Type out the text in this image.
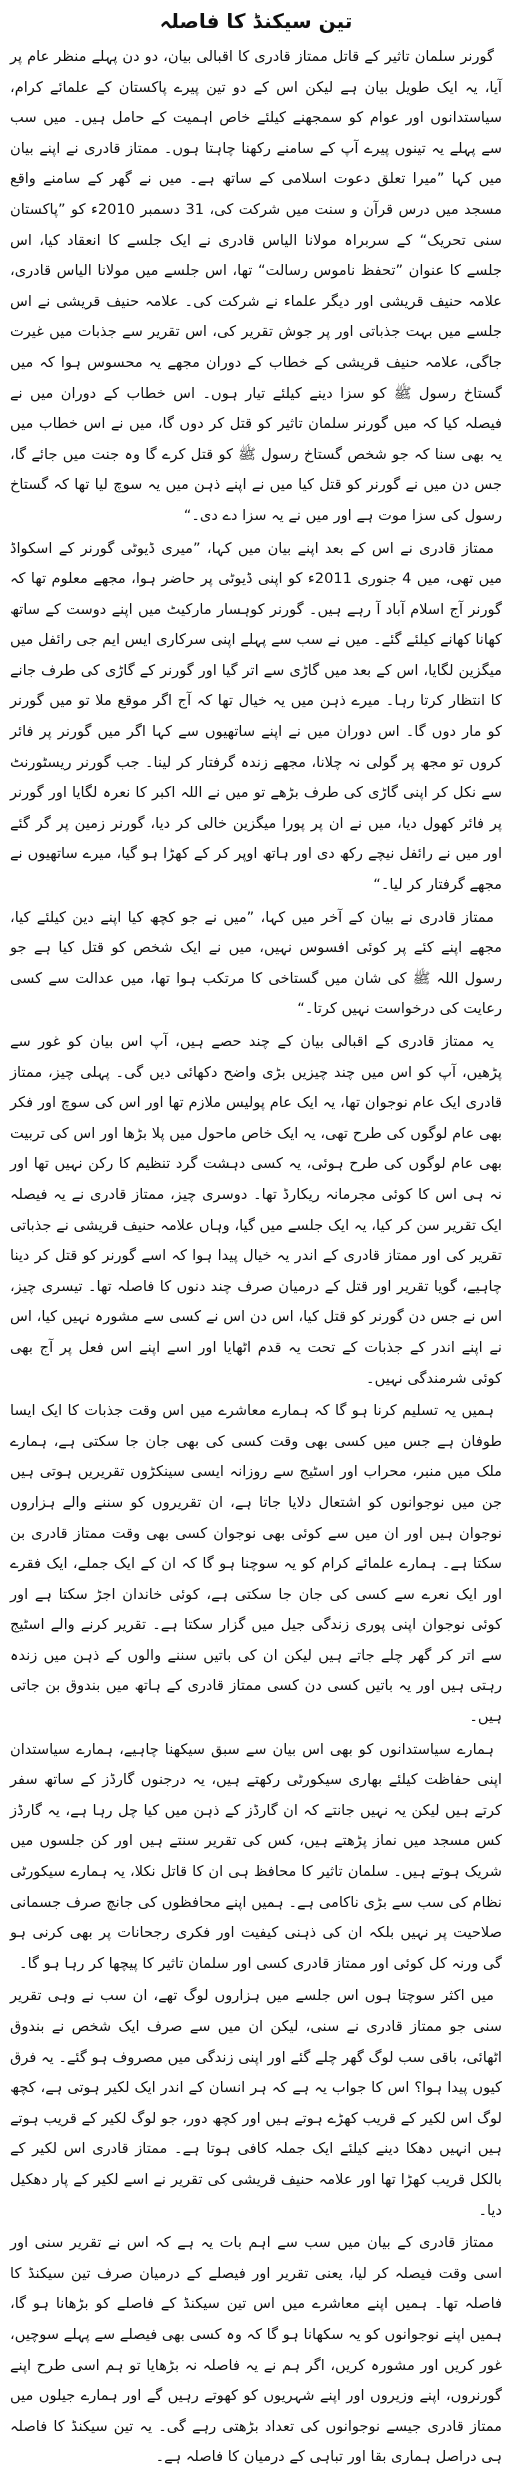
تین سیکنڈ کا فاصلہ

گورنر سلمان تاثیر کے قاتل ممتاز قادری کا اقبالی بیان، دو دن پہلے منظر عام پر آیا، یہ ایک طویل بیان ہے لیکن اس کے دو تین پیرے پاکستان کے علمائے کرام، سیاستدانوں اور عوام کو سمجھنے کیلئے خاص اہمیت کے حامل ہیں۔ میں سب سے پہلے یہ تینوں پیرے آپ کے سامنے رکھنا چاہتا ہوں۔ ممتاز قادری نے اپنے بیان میں کہا ”میرا تعلق دعوت اسلامی کے ساتھ ہے۔ میں نے گھر کے سامنے واقع مسجد میں درس قرآن و سنت میں شرکت کی، 31 دسمبر 2010ء کو ”پاکستان سنی تحریک“ کے سربراہ مولانا الیاس قادری نے ایک جلسے کا انعقاد کیا، اس جلسے کا عنوان ”تحفظ ناموس رسالت“ تھا، اس جلسے میں مولانا الیاس قادری، علامہ حنیف قریشی اور دیگر علماء نے شرکت کی۔ علامہ حنیف قریشی نے اس جلسے میں بہت جذباتی اور پر جوش تقریر کی، اس تقریر سے جذبات میں غیرت جاگی، علامہ حنیف قریشی کے خطاب کے دوران مجھے یہ محسوس ہوا کہ میں گستاخ رسول ﷺ کو سزا دینے کیلئے تیار ہوں۔ اس خطاب کے دوران میں نے فیصلہ کیا کہ میں گورنر سلمان تاثیر کو قتل کر دوں گا، میں نے اس خطاب میں یہ بھی سنا کہ جو شخص گستاخ رسول ﷺ کو قتل کرے گا وہ جنت میں جائے گا، جس دن میں نے گورنر کو قتل کیا میں نے اپنے ذہن میں یہ سوچ لیا تھا کہ گستاخ رسول کی سزا موت ہے اور میں نے یہ سزا دے دی۔“

ممتاز قادری نے اس کے بعد اپنے بیان میں کہا، ”میری ڈیوٹی گورنر کے اسکواڈ میں تھی، میں 4 جنوری 2011ء کو اپنی ڈیوٹی پر حاضر ہوا، مجھے معلوم تھا کہ گورنر آج اسلام آباد آ رہے ہیں۔ گورنر کوہسار مارکیٹ میں اپنے دوست کے ساتھ کھانا کھانے کیلئے گئے۔ میں نے سب سے پہلے اپنی سرکاری ایس ایم جی رائفل میں میگزین لگایا، اس کے بعد میں گاڑی سے اتر گیا اور گورنر کے گاڑی کی طرف جانے کا انتظار کرتا رہا۔ میرے ذہن میں یہ خیال تھا کہ آج اگر موقع ملا تو میں گورنر کو مار دوں گا۔ اس دوران میں نے اپنے ساتھیوں سے کہا اگر میں گورنر پر فائر کروں تو مجھ پر گولی نہ چلانا، مجھے زندہ گرفتار کر لینا۔ جب گورنر ریسٹورنٹ سے نکل کر اپنی گاڑی کی طرف بڑھے تو میں نے اللہ اکبر کا نعرہ لگایا اور گورنر پر فائر کھول دیا، میں نے ان پر پورا میگزین خالی کر دیا، گورنر زمین پر گر گئے اور میں نے رائفل نیچے رکھ دی اور ہاتھ اوپر کر کے کھڑا ہو گیا، میرے ساتھیوں نے مجھے گرفتار کر لیا۔“

ممتاز قادری نے بیان کے آخر میں کہا، ”میں نے جو کچھ کیا اپنے دین کیلئے کیا، مجھے اپنے کئے پر کوئی افسوس نہیں، میں نے ایک شخص کو قتل کیا ہے جو رسول اللہ ﷺ کی شان میں گستاخی کا مرتکب ہوا تھا، میں عدالت سے کسی رعایت کی درخواست نہیں کرتا۔“

یہ ممتاز قادری کے اقبالی بیان کے چند حصے ہیں، آپ اس بیان کو غور سے پڑھیں، آپ کو اس میں چند چیزیں بڑی واضح دکھائی دیں گی۔ پہلی چیز، ممتاز قادری ایک عام نوجوان تھا، یہ ایک عام پولیس ملازم تھا اور اس کی سوچ اور فکر بھی عام لوگوں کی طرح تھی، یہ ایک خاص ماحول میں پلا بڑھا اور اس کی تربیت بھی عام لوگوں کی طرح ہوئی، یہ کسی دہشت گرد تنظیم کا رکن نہیں تھا اور نہ ہی اس کا کوئی مجرمانہ ریکارڈ تھا۔ دوسری چیز، ممتاز قادری نے یہ فیصلہ ایک تقریر سن کر کیا، یہ ایک جلسے میں گیا، وہاں علامہ حنیف قریشی نے جذباتی تقریر کی اور ممتاز قادری کے اندر یہ خیال پیدا ہوا کہ اسے گورنر کو قتل کر دینا چاہیے، گویا تقریر اور قتل کے درمیان صرف چند دنوں کا فاصلہ تھا۔ تیسری چیز، اس نے جس دن گورنر کو قتل کیا، اس دن اس نے کسی سے مشورہ نہیں کیا، اس نے اپنے اندر کے جذبات کے تحت یہ قدم اٹھایا اور اسے اپنے اس فعل پر آج بھی کوئی شرمندگی نہیں۔

ہمیں یہ تسلیم کرنا ہو گا کہ ہمارے معاشرے میں اس وقت جذبات کا ایک ایسا طوفان ہے جس میں کسی بھی وقت کسی کی بھی جان جا سکتی ہے، ہمارے ملک میں منبر، محراب اور اسٹیج سے روزانہ ایسی سینکڑوں تقریریں ہوتی ہیں جن میں نوجوانوں کو اشتعال دلایا جاتا ہے، ان تقریروں کو سننے والے ہزاروں نوجوان ہیں اور ان میں سے کوئی بھی نوجوان کسی بھی وقت ممتاز قادری بن سکتا ہے۔ ہمارے علمائے کرام کو یہ سوچنا ہو گا کہ ان کے ایک جملے، ایک فقرے اور ایک نعرے سے کسی کی جان جا سکتی ہے، کوئی خاندان اجڑ سکتا ہے اور کوئی نوجوان اپنی پوری زندگی جیل میں گزار سکتا ہے۔ تقریر کرنے والے اسٹیج سے اتر کر گھر چلے جاتے ہیں لیکن ان کی باتیں سننے والوں کے ذہن میں زندہ رہتی ہیں اور یہ باتیں کسی دن کسی ممتاز قادری کے ہاتھ میں بندوق بن جاتی ہیں۔

ہمارے سیاستدانوں کو بھی اس بیان سے سبق سیکھنا چاہیے، ہمارے سیاستدان اپنی حفاظت کیلئے بھاری سیکورٹی رکھتے ہیں، یہ درجنوں گارڈز کے ساتھ سفر کرتے ہیں لیکن یہ نہیں جانتے کہ ان گارڈز کے ذہن میں کیا چل رہا ہے، یہ گارڈز کس مسجد میں نماز پڑھتے ہیں، کس کی تقریر سنتے ہیں اور کن جلسوں میں شریک ہوتے ہیں۔ سلمان تاثیر کا محافظ ہی ان کا قاتل نکلا، یہ ہمارے سیکورٹی نظام کی سب سے بڑی ناکامی ہے۔ ہمیں اپنے محافظوں کی جانچ صرف جسمانی صلاحیت پر نہیں بلکہ ان کی ذہنی کیفیت اور فکری رجحانات پر بھی کرنی ہو گی ورنہ کل کوئی اور ممتاز قادری کسی اور سلمان تاثیر کا پیچھا کر رہا ہو گا۔

میں اکثر سوچتا ہوں اس جلسے میں ہزاروں لوگ تھے، ان سب نے وہی تقریر سنی جو ممتاز قادری نے سنی، لیکن ان میں سے صرف ایک شخص نے بندوق اٹھائی، باقی سب لوگ گھر چلے گئے اور اپنی زندگی میں مصروف ہو گئے۔ یہ فرق کیوں پیدا ہوا؟ اس کا جواب یہ ہے کہ ہر انسان کے اندر ایک لکیر ہوتی ہے، کچھ لوگ اس لکیر کے قریب کھڑے ہوتے ہیں اور کچھ دور، جو لوگ لکیر کے قریب ہوتے ہیں انہیں دھکا دینے کیلئے ایک جملہ کافی ہوتا ہے۔ ممتاز قادری اس لکیر کے بالکل قریب کھڑا تھا اور علامہ حنیف قریشی کی تقریر نے اسے لکیر کے پار دھکیل دیا۔

ممتاز قادری کے بیان میں سب سے اہم بات یہ ہے کہ اس نے تقریر سنی اور اسی وقت فیصلہ کر لیا، یعنی تقریر اور فیصلے کے درمیان صرف تین سیکنڈ کا فاصلہ تھا۔ ہمیں اپنے معاشرے میں اس تین سیکنڈ کے فاصلے کو بڑھانا ہو گا، ہمیں اپنے نوجوانوں کو یہ سکھانا ہو گا کہ وہ کسی بھی فیصلے سے پہلے سوچیں، غور کریں اور مشورہ کریں، اگر ہم نے یہ فاصلہ نہ بڑھایا تو ہم اسی طرح اپنے گورنروں، اپنے وزیروں اور اپنے شہریوں کو کھوتے رہیں گے اور ہمارے جیلوں میں ممتاز قادری جیسے نوجوانوں کی تعداد بڑھتی رہے گی۔ یہ تین سیکنڈ کا فاصلہ ہی دراصل ہماری بقا اور تباہی کے درمیان کا فاصلہ ہے۔
